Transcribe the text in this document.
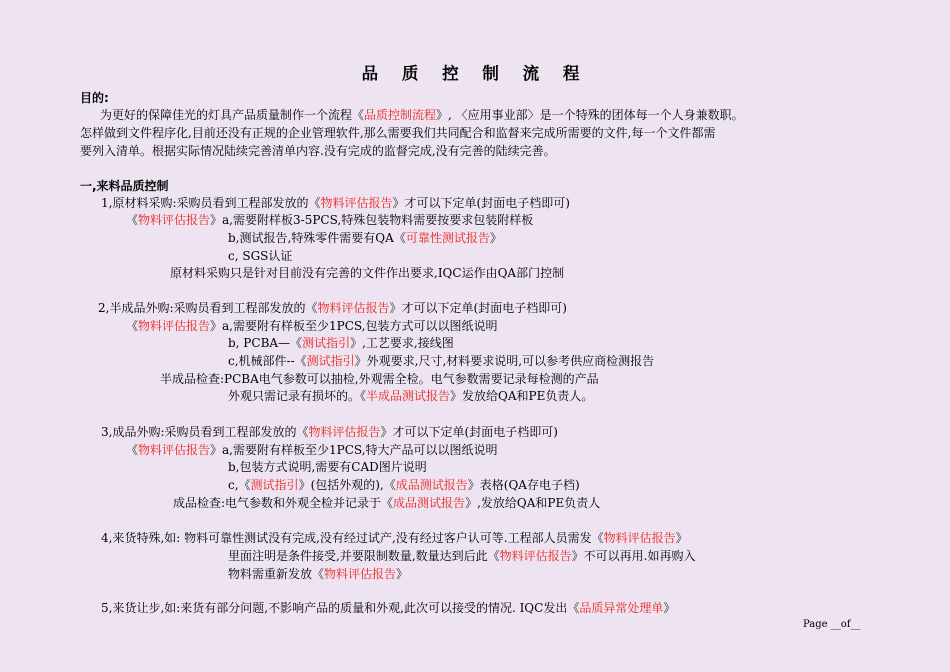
品 质 控 制 流 程
目的:
为更好的保障佳光的灯具产品质量制作一个流程《品质控制流程》, 〈应用事业部〉是一个特殊的团体每一个人身兼数职。
怎样做到文件程序化,目前还没有正规的企业管理软件,那么需要我们共同配合和监督来完成所需要的文件,每一个文件都需
要列入清单。根据实际情况陆续完善清单内容.没有完成的监督完成,没有完善的陆续完善。
一,来料品质控制
1,原材料采购:采购员看到工程部发放的《物料评估报告》才可以下定单(封面电子档即可)
《物料评估报告》a,需要附样板3-5PCS,特殊包装物料需要按要求包装附样板
b,测试报告,特殊零件需要有QA《可靠性测试报告》
c, SGS认证
原材料采购只是针对目前没有完善的文件作出要求,IQC运作由QA部门控制
2,半成品外购:采购员看到工程部发放的《物料评估报告》才可以下定单(封面电子档即可)
《物料评估报告》a,需要附有样板至少1PCS,包装方式可以以图纸说明
b, PCBA—《测试指引》,工艺要求,接线图
c,机械部件--《测试指引》外观要求,尺寸,材料要求说明,可以参考供应商检测报告
半成品检查:PCBA电气参数可以抽检,外观需全检。电气参数需要记录每检测的产品
外观只需记录有损坏的。《半成品测试报告》发放给QA和PE负责人。
3,成品外购:采购员看到工程部发放的《物料评估报告》才可以下定单(封面电子档即可)
《物料评估报告》a,需要附有样板至少1PCS,特大产品可以以图纸说明
b,包装方式说明,需要有CAD图片说明
c,《测试指引》(包括外观的),《成品测试报告》表格(QA存电子档)
成品检查:电气参数和外观全检并记录于《成品测试报告》,发放给QA和PE负责人
4,来货特殊,如: 物料可靠性测试没有完成,没有经过试产,没有经过客户认可等.工程部人员需发《物料评估报告》
里面注明是条件接受,并要限制数量,数量达到后此《物料评估报告》不可以再用.如再购入
物料需重新发放《物料评估报告》
5,来货让步,如:来货有部分问题,不影响产品的质量和外观,此次可以接受的情况. IQC发出《品质异常处理单》
Page __of__
